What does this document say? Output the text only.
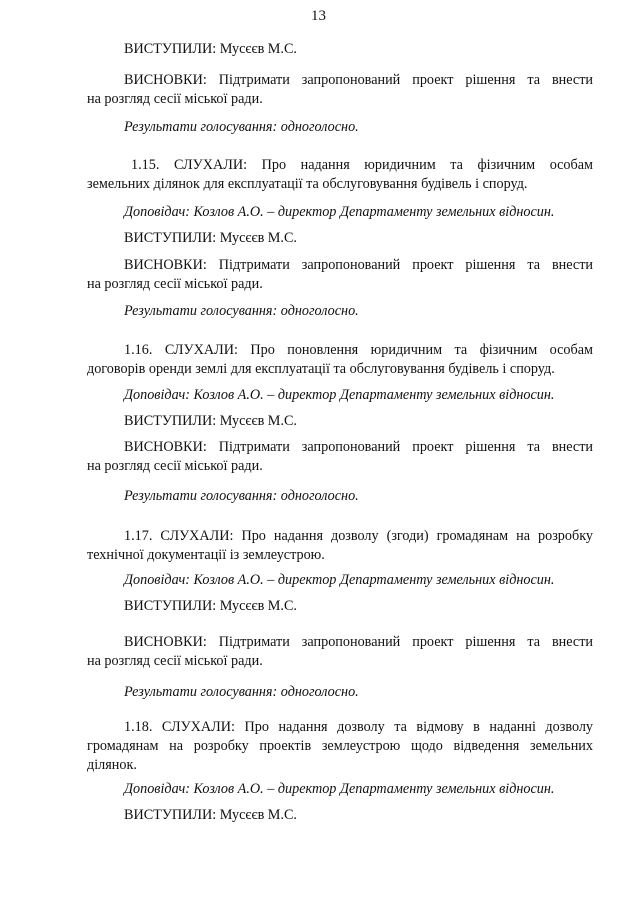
13
ВИСТУПИЛИ: Мусєєв М.С.
ВИСНОВКИ: Підтримати запропонований проект рішення та внести
на розгляд сесії міської ради.
Результати голосування: одноголосно.
1.15. СЛУХАЛИ: Про надання юридичним та фізичним особам
земельних ділянок для експлуатації та обслуговування будівель і споруд.
Доповідач: Козлов А.О. – директор Департаменту земельних відносин.
ВИСТУПИЛИ: Мусєєв М.С.
ВИСНОВКИ: Підтримати запропонований проект рішення та внести
на розгляд сесії міської ради.
Результати голосування: одноголосно.
1.16. СЛУХАЛИ: Про поновлення юридичним та фізичним особам
договорів оренди землі для експлуатації та обслуговування будівель і споруд.
Доповідач: Козлов А.О. – директор Департаменту земельних відносин.
ВИСТУПИЛИ: Мусєєв М.С.
ВИСНОВКИ: Підтримати запропонований проект рішення та внести
на розгляд сесії міської ради.
Результати голосування: одноголосно.
1.17. СЛУХАЛИ: Про надання дозволу (згоди) громадянам на розробку
технічної документації із землеустрою.
Доповідач: Козлов А.О. – директор Департаменту земельних відносин.
ВИСТУПИЛИ: Мусєєв М.С.
ВИСНОВКИ: Підтримати запропонований проект рішення та внести
на розгляд сесії міської ради.
Результати голосування: одноголосно.
1.18. СЛУХАЛИ: Про надання дозволу та відмову в наданні дозволу
громадянам на розробку проектів землеустрою щодо відведення земельних
ділянок.
Доповідач: Козлов А.О. – директор Департаменту земельних відносин.
ВИСТУПИЛИ: Мусєєв М.С.
